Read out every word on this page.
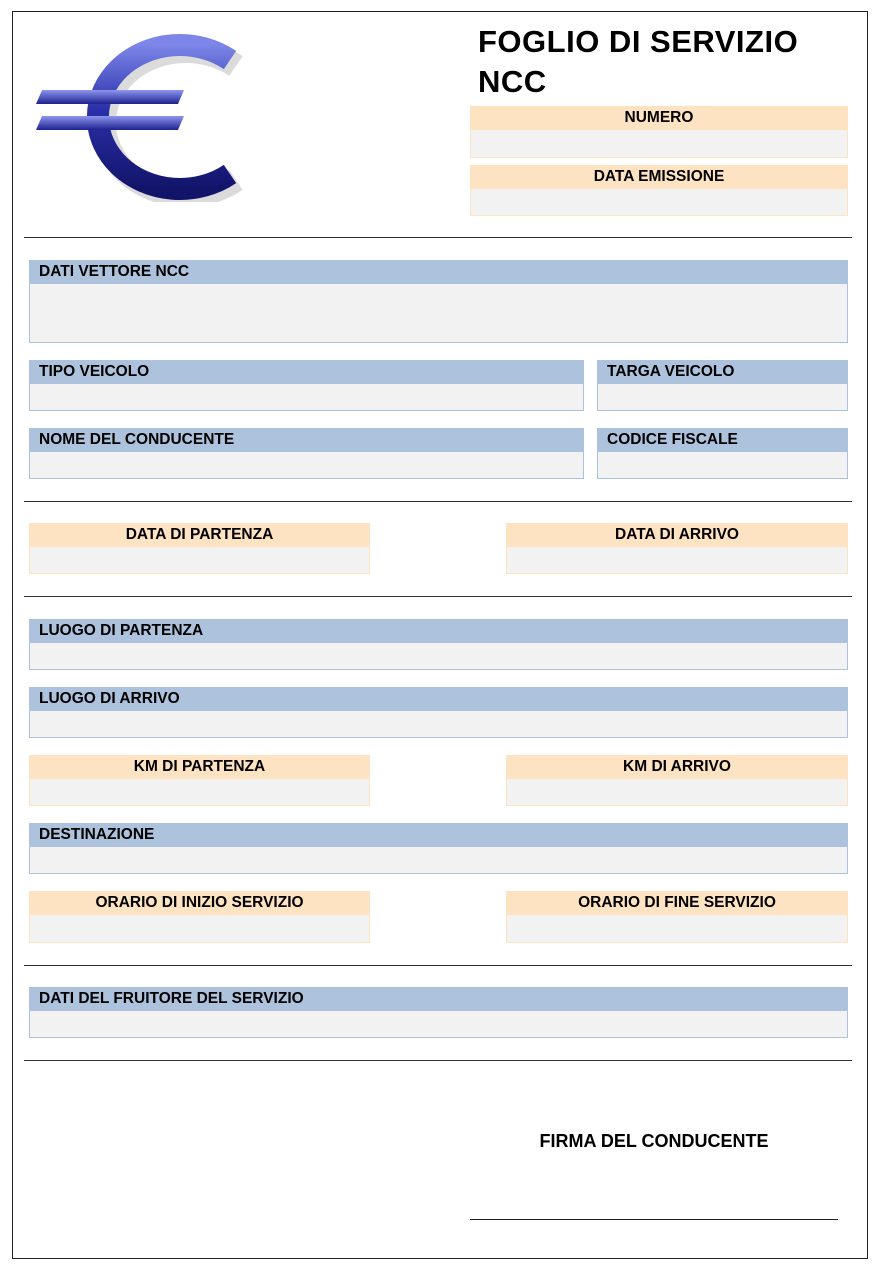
FOGLIO DI SERVIZIO
NCC
NUMERO
DATA EMISSIONE
DATI VETTORE NCC
TIPO VEICOLO	TARGA VEICOLO
NOME DEL CONDUCENTE	CODICE FISCALE
DATA DI PARTENZA	DATA DI ARRIVO
LUOGO DI PARTENZA
LUOGO DI ARRIVO
KM DI PARTENZA	KM DI ARRIVO
DESTINAZIONE
ORARIO DI INIZIO SERVIZIO	ORARIO DI FINE SERVIZIO
DATI DEL FRUITORE DEL SERVIZIO
FIRMA DEL CONDUCENTE
